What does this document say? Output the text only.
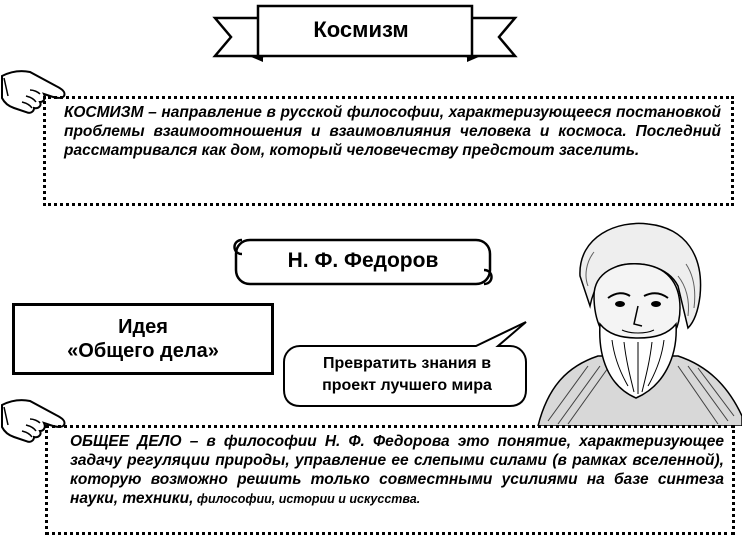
Космизм
КОСМИЗМ – направление в русской философии, характеризующееся постановкой проблемы взаимоотношения и взаимовлияния человека и космоса. Последний рассматривался как дом, который человечеству предстоит заселить.
Н. Ф. Федоров
Идея
«Общего дела»
Превратить знания в
проект лучшего мира
ОБЩЕЕ ДЕЛО – в философии Н. Ф. Федорова это понятие, характеризующее задачу регуляции природы, управление ее слепыми силами (в рамках вселенной), которую возможно решить только совместными усилиями на базе синтеза науки, техники, философии, истории и искусства.
